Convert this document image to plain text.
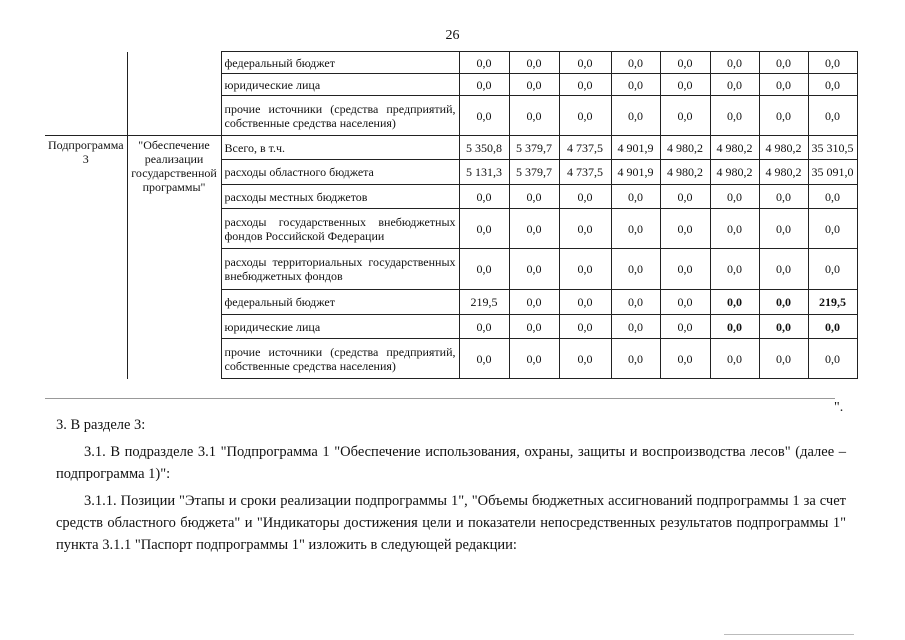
26
		федеральный бюджет	0,0	0,0	0,0	0,0	0,0	0,0	0,0	0,0
		юридические лица	0,0	0,0	0,0	0,0	0,0	0,0	0,0	0,0
		прочие источники (средства предприятий, собственные средства населения)	0,0	0,0	0,0	0,0	0,0	0,0	0,0	0,0

Подпрограмма 3	"Обеспечение реализации государственной программы"	Всего, в т.ч.	5 350,8	5 379,7	4 737,5	4 901,9	4 980,2	4 980,2	4 980,2	35 310,5
		расходы областного бюджета	5 131,3	5 379,7	4 737,5	4 901,9	4 980,2	4 980,2	4 980,2	35 091,0
		расходы местных бюджетов	0,0	0,0	0,0	0,0	0,0	0,0	0,0	0,0
		расходы государственных внебюджетных фондов Российской Федерации	0,0	0,0	0,0	0,0	0,0	0,0	0,0	0,0
		расходы территориальных государственных внебюджетных фондов	0,0	0,0	0,0	0,0	0,0	0,0	0,0	0,0
		федеральный бюджет	219,5	0,0	0,0	0,0	0,0	0,0	0,0	219,5
		юридические лица	0,0	0,0	0,0	0,0	0,0	0,0	0,0	0,0
		прочие источники (средства предприятий, собственные средства населения)	0,0	0,0	0,0	0,0	0,0	0,0	0,0	0,0
".
3. В разделе 3:
3.1. В подразделе 3.1 "Подпрограмма 1 "Обеспечение использования, охраны, защиты и воспроизводства лесов" (далее – подпрограмма 1)":
3.1.1. Позиции "Этапы и сроки реализации подпрограммы 1", "Объемы бюджетных ассигнований подпрограммы 1 за счет средств областного бюджета" и "Индикаторы достижения цели и показатели непосредственных результатов подпрограммы 1" пункта 3.1.1 "Паспорт подпрограммы 1" изложить в следующей редакции:
